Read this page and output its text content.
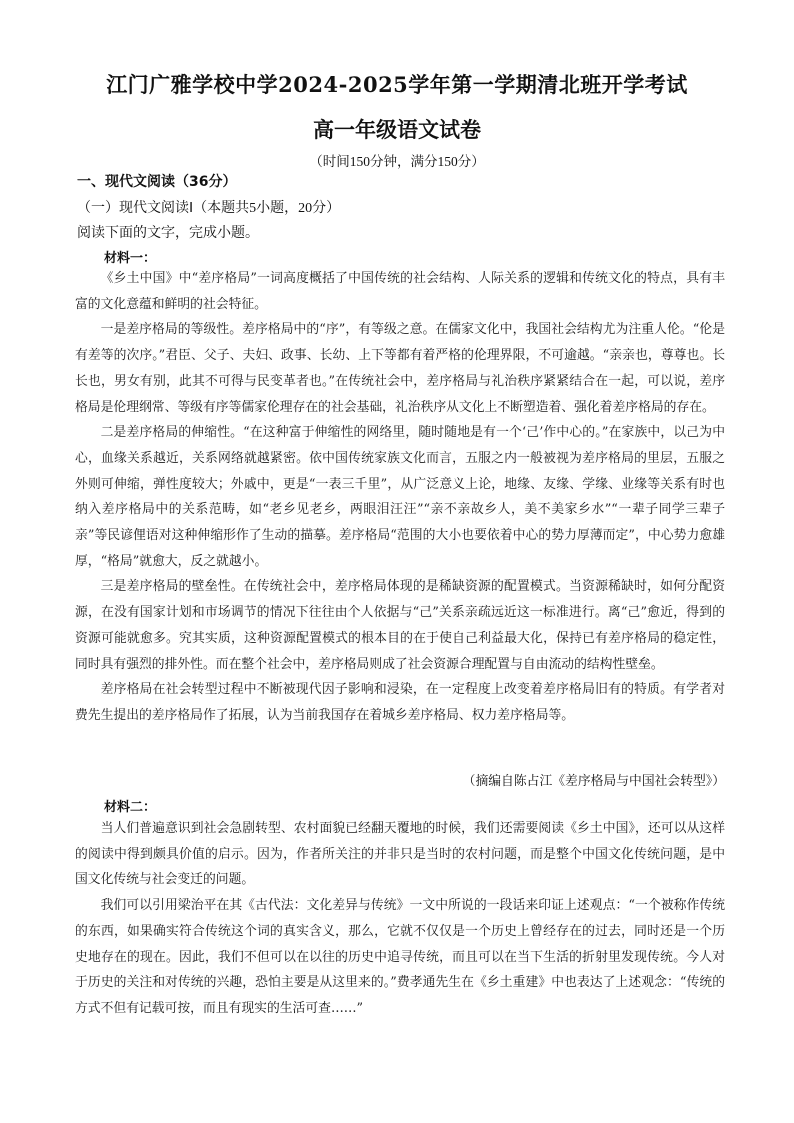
江门广雅学校中学2024-2025学年第一学期清北班开学考试
高一年级语文试卷
（时间150分钟，满分150分）
一、现代文阅读（36分）
（一）现代文阅读Ⅰ（本题共5小题，20分）
阅读下面的文字，完成小题。
材料一：

《乡土中国》中“差序格局”一词高度概括了中国传统的社会结构、人际关系的逻辑和传统文化的特点，具有丰富的文化意蕴和鲜明的社会特征。

一是差序格局的等级性。差序格局中的“序”，有等级之意。在儒家文化中，我国社会结构尤为注重人伦。“伦是有差等的次序。”君臣、父子、夫妇、政事、长幼、上下等都有着严格的伦理界限，不可逾越。“亲亲也，尊尊也。长长也，男女有别，此其不可得与民变革者也。”在传统社会中，差序格局与礼治秩序紧紧结合在一起，可以说，差序格局是伦理纲常、等级有序等儒家伦理存在的社会基础，礼治秩序从文化上不断塑造着、强化着差序格局的存在。

二是差序格局的伸缩性。“在这种富于伸缩性的网络里，随时随地是有一个‘己’作中心的。”在家族中，以己为中心，血缘关系越近，关系网络就越紧密。依中国传统家族文化而言，五服之内一般被视为差序格局的里层，五服之外则可伸缩，弹性度较大；外戚中，更是“一表三千里”，从广泛意义上论，地缘、友缘、学缘、业缘等关系有时也纳入差序格局中的关系范畴，如“老乡见老乡，两眼泪汪汪”“亲不亲故乡人，美不美家乡水”“一辈子同学三辈子亲”等民谚俚语对这种伸缩形作了生动的描摹。差序格局“范围的大小也要依着中心的势力厚薄而定”，中心势力愈雄厚，“格局”就愈大，反之就越小。

三是差序格局的壁垒性。在传统社会中，差序格局体现的是稀缺资源的配置模式。当资源稀缺时，如何分配资源，在没有国家计划和市场调节的情况下往往由个人依据与“己”关系亲疏远近这一标准进行。离“己”愈近，得到的资源可能就愈多。究其实质，这种资源配置模式的根本目的在于使自己利益最大化，保持已有差序格局的稳定性，同时具有强烈的排外性。而在整个社会中，差序格局则成了社会资源合理配置与自由流动的结构性壁垒。

差序格局在社会转型过程中不断被现代因子影响和浸染，在一定程度上改变着差序格局旧有的特质。有学者对费先生提出的差序格局作了拓展，认为当前我国存在着城乡差序格局、权力差序格局等。

（摘编自陈占江《差序格局与中国社会转型》）
材料二：

当人们普遍意识到社会急剧转型、农村面貌已经翻天覆地的时候，我们还需要阅读《乡土中国》，还可以从这样的阅读中得到颇具价值的启示。因为，作者所关注的并非只是当时的农村问题，而是整个中国文化传统问题，是中国文化传统与社会变迁的问题。

我们可以引用梁治平在其《古代法：文化差异与传统》一文中所说的一段话来印证上述观点：“一个被称作传统的东西，如果确实符合传统这个词的真实含义，那么，它就不仅仅是一个历史上曾经存在的过去，同时还是一个历史地存在的现在。因此，我们不但可以在以往的历史中追寻传统，而且可以在当下生活的折射里发现传统。今人对于历史的关注和对传统的兴趣，恐怕主要是从这里来的。”费孝通先生在《乡土重建》中也表达了上述观念：“传统的方式不但有记载可按，而且有现实的生活可查……”
